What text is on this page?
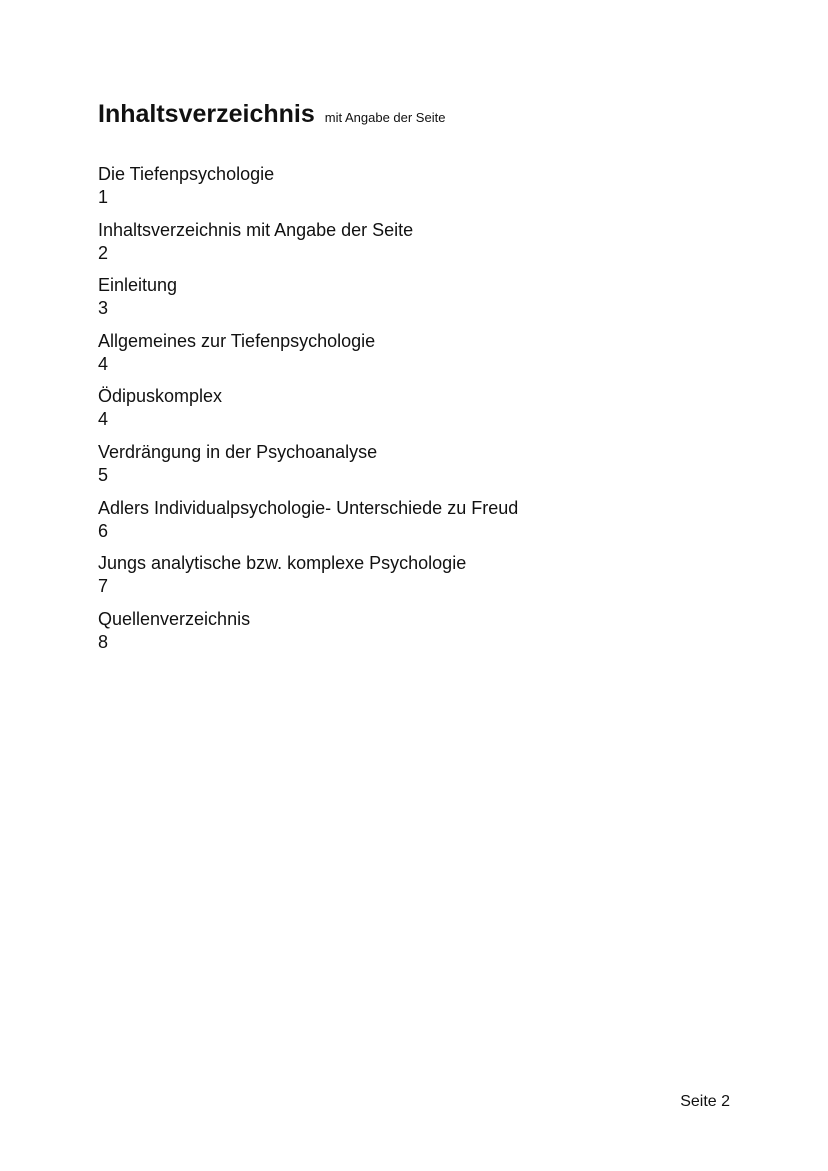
Inhaltsverzeichnis mit Angabe der Seite
Die Tiefenpsychologie
1
Inhaltsverzeichnis mit Angabe der Seite
2
Einleitung
3
Allgemeines zur Tiefenpsychologie
4
Ödipuskomplex
4
Verdrängung in der Psychoanalyse
5
Adlers Individualpsychologie- Unterschiede zu Freud
6
Jungs analytische bzw. komplexe Psychologie
7
Quellenverzeichnis
8
Seite 2
